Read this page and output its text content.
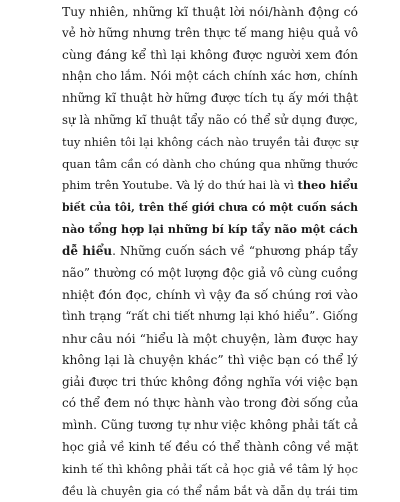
Tuy nhiên, những kĩ thuật lời nói/hành động có
vẻ hờ hững nhưng trên thực tế mang hiệu quả vô
cùng đáng kể thì lại không được người xem đón
nhận cho lắm. Nói một cách chính xác hơn, chính
những kĩ thuật hờ hững được tích tụ ấy mới thật
sự là những kĩ thuật tẩy não có thể sử dụng được,
tuy nhiên tôi lại không cách nào truyền tải được sự
quan tâm cần có dành cho chúng qua những thước
phim trên Youtube. Và lý do thứ hai là vì theo hiểu
biết của tôi, trên thế giới chưa có một cuốn sách
nào tổng hợp lại những bí kíp tẩy não một cách
dễ hiểu. Những cuốn sách về “phương pháp tẩy
não” thường có một lượng độc giả vô cùng cuồng
nhiệt đón đọc, chính vì vậy đa số chúng rơi vào
tình trạng “rất chi tiết nhưng lại khó hiểu”. Giống
như câu nói “hiểu là một chuyện, làm được hay
không lại là chuyện khác” thì việc bạn có thể lý
giải được tri thức không đồng nghĩa với việc bạn
có thể đem nó thực hành vào trong đời sống của
mình. Cũng tương tự như việc không phải tất cả
học giả về kinh tế đều có thể thành công về mặt
kinh tế thì không phải tất cả học giả về tâm lý học
đều là chuyên gia có thể nắm bắt và dẫn dụ trái tim
